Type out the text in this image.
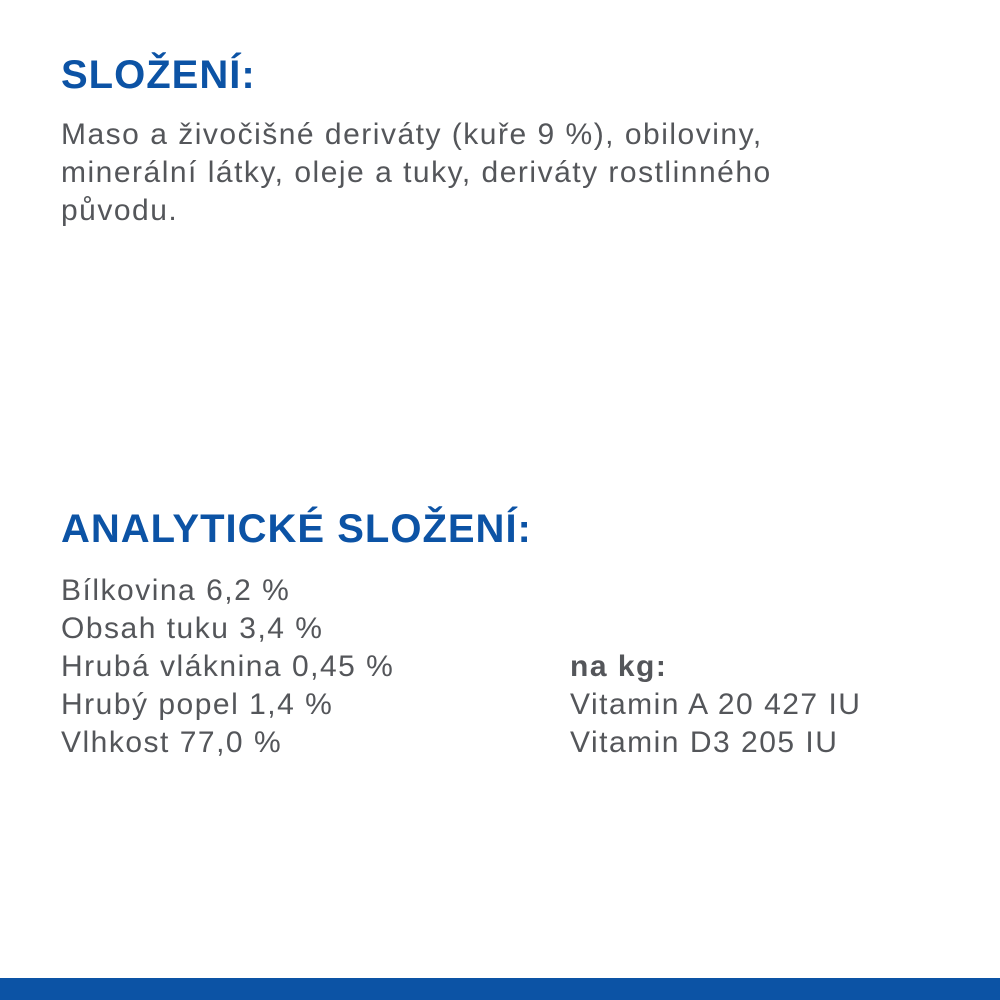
SLOŽENÍ:
Maso a živočišné deriváty (kuře 9 %), obiloviny,
minerální látky, oleje a tuky, deriváty rostlinného
původu.
ANALYTICKÉ SLOŽENÍ:
Bílkovina 6,2 %
Obsah tuku 3,4 %
Hrubá vláknina 0,45 %
Hrubý popel 1,4 %
Vlhkost 77,0 %
na kg:
Vitamin A 20 427 IU
Vitamin D3 205 IU
